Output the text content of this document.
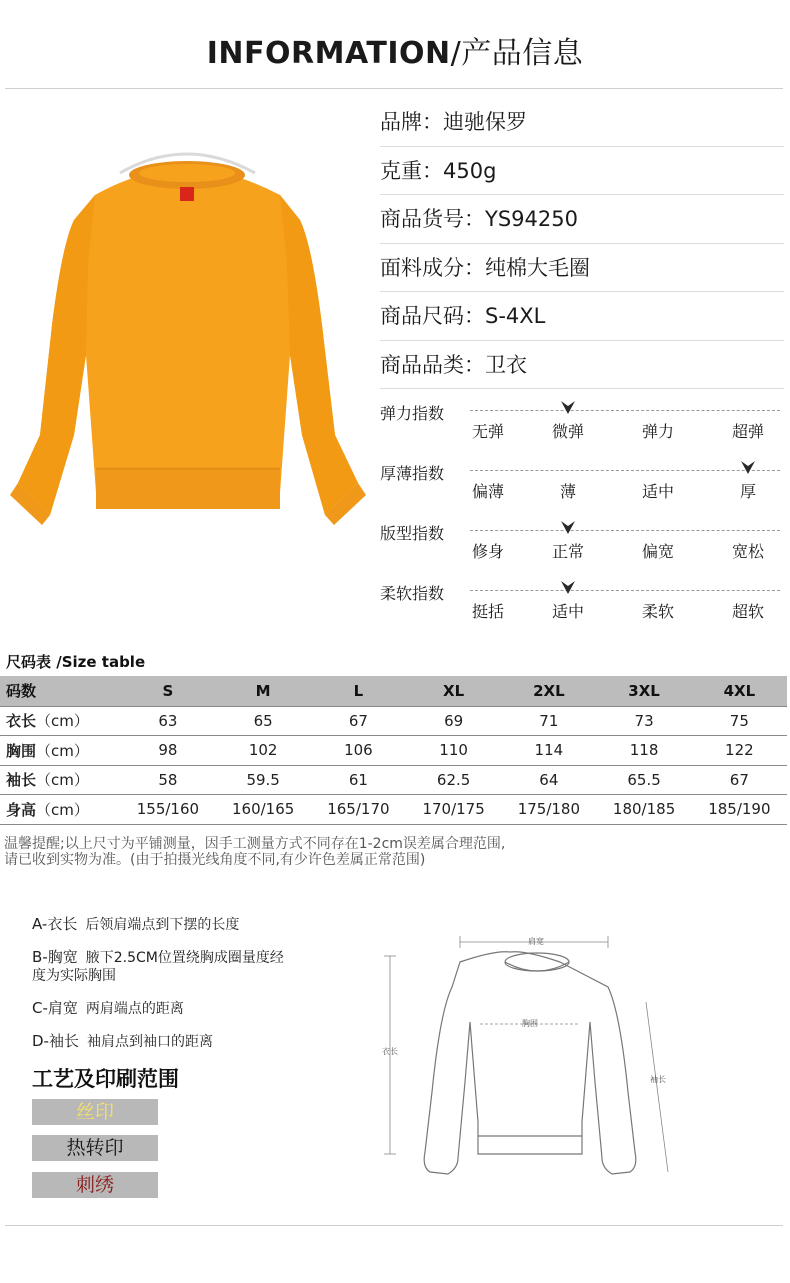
INFORMATION/产品信息
品牌 ： 迪驰保罗
克重 ： 450g
商品货号 ： YS94250
面料成分 ： 纯棉大毛圈
商品尺码 ： S-4XL
商品品类 ： 卫衣
弹力指数
无弹	微弹	弹力	超弹
厚薄指数
偏薄	薄	适中	厚
版型指数
修身	正常	偏宽	宽松
柔软指数
挺括	适中	柔软	超软
尺码表 /Size table
码数	S	M	L	XL	2XL	3XL	4XL
衣长（cm）	63	65	67	69	71	73	75
胸围（cm）	98	102	106	110	114	118	122
袖长（cm）	58	59.5	61	62.5	64	65.5	67
身高（cm）	155/160	160/165	165/170	170/175	175/180	180/185	185/190
温馨提醒;以上尺寸为平铺测量，因手工测量方式不同存在1-2cm误差属合理范围,
请已收到实物为准。(由于拍摄光线角度不同,有少许色差属正常范围)
A-衣长 后领肩端点到下摆的长度
B-胸宽 腋下2.5CM位置绕胸成圈量度经度为实际胸围
C-肩宽 两肩端点的距离
D-袖长 袖肩点到袖口的距离
工艺及印刷范围
丝印
热转印
刺绣
肩宽
胸围
衣长
袖长
